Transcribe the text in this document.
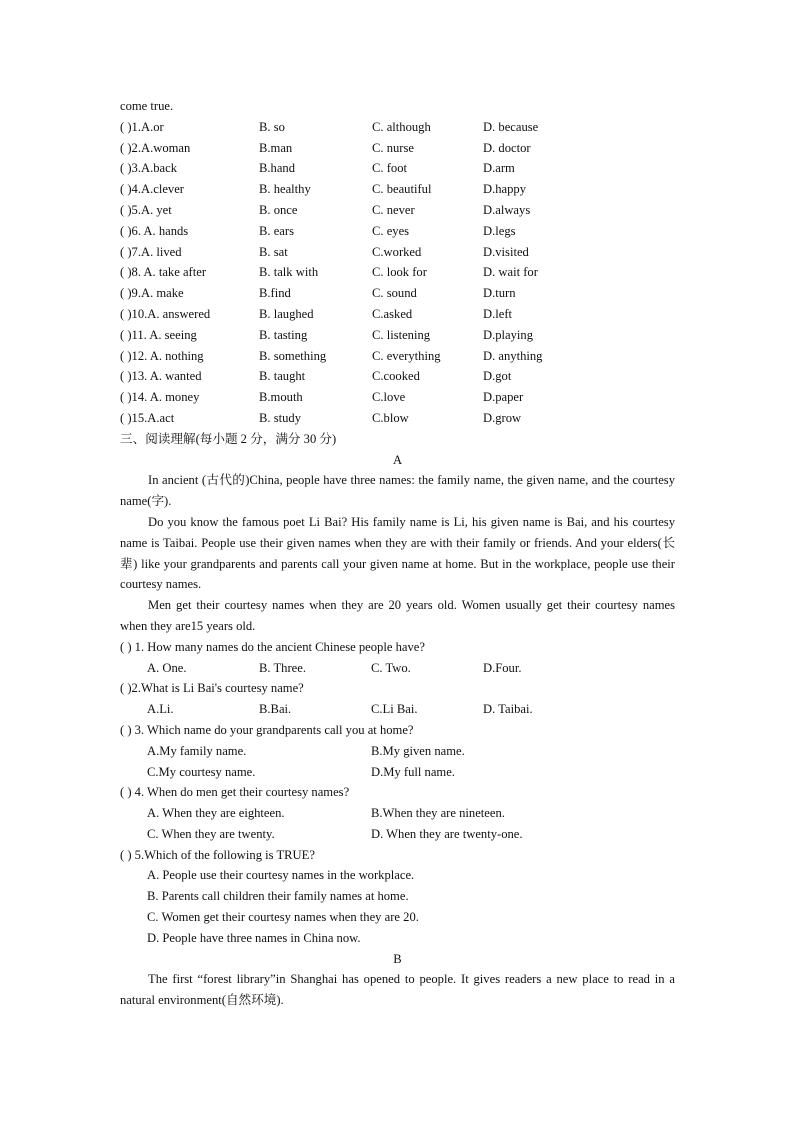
come true.
( )1.A.or	B. so	C. although	D. because
( )2.A.woman	B.man	C. nurse	D. doctor
( )3.A.back	B.hand	C. foot	D.arm
( )4.A.clever	B. healthy	C. beautiful	D.happy
( )5.A. yet	B. once	C. never	D.always
( )6. A. hands	B. ears	C. eyes	D.legs
( )7.A. lived	B. sat	C.worked	D.visited
( )8. A. take after	B. talk with	C. look for	D. wait for
( )9.A. make	B.find	C. sound	D.turn
( )10.A. answered	B. laughed	C.asked	D.left
( )11. A. seeing	B. tasting	C. listening	D.playing
( )12. A. nothing	B. something	C. everything	D. anything
( )13. A. wanted	B. taught	C.cooked	D.got
( )14. A. money	B.mouth	C.love	D.paper
( )15.A.act	B. study	C.blow	D.grow
三、阅读理解(每小题 2 分，满分 30 分)
A

In ancient (古代的)China, people have three names: the family name, the given name, and the courtesy name(字).

Do you know the famous poet Li Bai? His family name is Li, his given name is Bai, and his courtesy name is Taibai. People use their given names when they are with their family or friends. And your elders(长辈) like your grandparents and parents call your given name at home. But in the workplace, people use their courtesy names.

Men get their courtesy names when they are 20 years old. Women usually get their courtesy names when they are15 years old.

( ) 1. How many names do the ancient Chinese people have?
A. One.	B. Three.	C. Two.	D.Four.
( )2.What is Li Bai's courtesy name?
A.Li.	B.Bai.	C.Li Bai.	D. Taibai.
( ) 3. Which name do your grandparents call you at home?
A.My family name.	B.My given name.
C.My courtesy name.	D.My full name.
( ) 4. When do men get their courtesy names?
A. When they are eighteen.	B.When they are nineteen.
C. When they are twenty.	D. When they are twenty-one.
( ) 5.Which of the following is TRUE?
A. People use their courtesy names in the workplace.
B. Parents call children their family names at home.
C. Women get their courtesy names when they are 20.
D. People have three names in China now.
B

The first “forest library”in Shanghai has opened to people. It gives readers a new place to read in a natural environment(自然环境).
